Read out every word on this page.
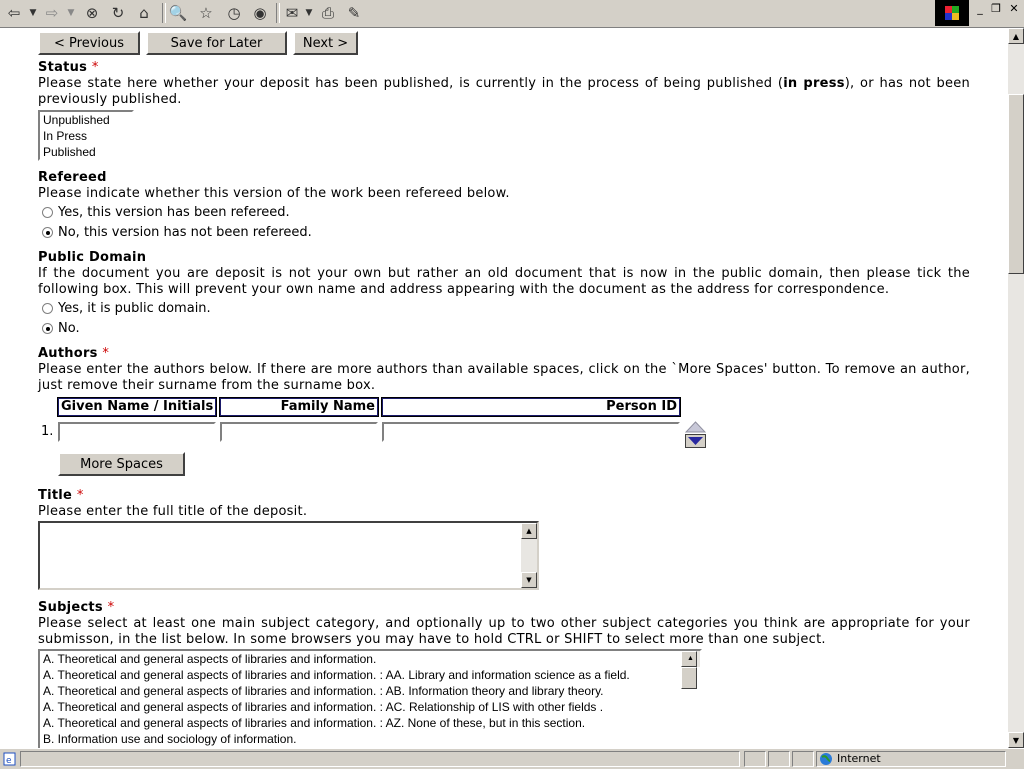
⇦	▼ ⇨	▼ ⊗ ↻ ⌂	🔍 ☆ ◷ ◉ ✉ ▼ ⎙ ✎	_ ❐ ✕
< Previous	Save for Later	Next >
Status *
Please state here whether your deposit has been published, is currently in the process of being published (in press), or has not been previously published.
Unpublished
In Press
Published
Refereed
Please indicate whether this version of the work been refereed below.
Yes, this version has been refereed.
No, this version has not been refereed.
Public Domain
If the document you are deposit is not your own but rather an old document that is now in the public domain, then please tick the following box. This will prevent your own name and address appearing with the document as the address for correspondence.
Yes, it is public domain.
No.
Authors *
Please enter the authors below. If there are more authors than available spaces, click on the `More Spaces' button. To remove an author, just remove their surname from the surname box.
Given Name / Initials	Family Name	Person ID
1.
More Spaces
Title *
Please enter the full title of the deposit.
▲
▼
Subjects *
Please select at least one main subject category, and optionally up to two other subject categories you think are appropriate for your submisson, in the list below. In some browsers you may have to hold CTRL or SHIFT to select more than one subject.
A. Theoretical and general aspects of libraries and information.
A. Theoretical and general aspects of libraries and information. : AA. Library and information science as a field.
A. Theoretical and general aspects of libraries and information. : AB. Information theory and library theory.
A. Theoretical and general aspects of libraries and information. : AC. Relationship of LIS with other fields .
A. Theoretical and general aspects of libraries and information. : AZ. None of these, but in this section.
B. Information use and sociology of information.
▲
▲
▼
e	Internet
